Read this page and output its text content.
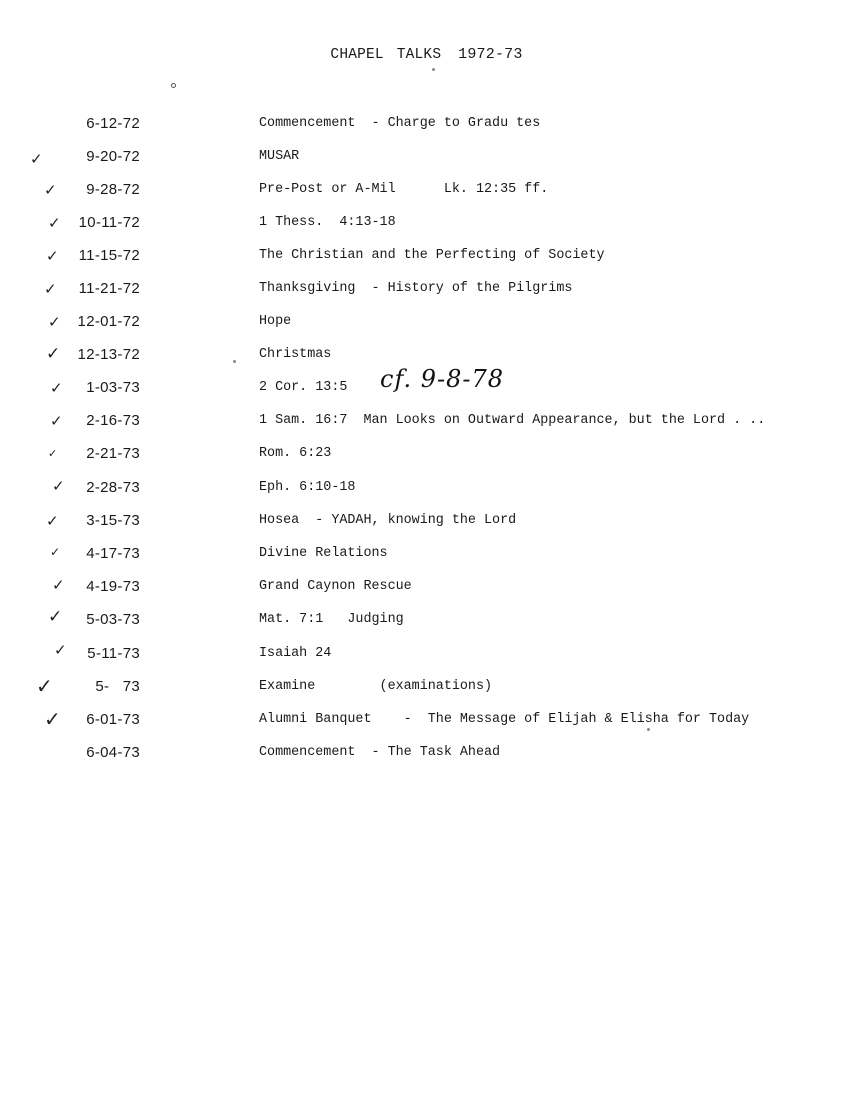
CHAPEL TALKS 1972-73
6-12-72	Commencement  - Charge to Gradu tes
✓	9-20-72	MUSAR
✓	9-28-72	Pre-Post or A-Mil      Lk. 12:35 ff.
✓	10-11-72	1 Thess.  4:13-18
✓	11-15-72	The Christian and the Perfecting of Society
✓	11-21-72	Thanksgiving  - History of the Pilgrims
✓	12-01-72	Hope
✓	12-13-72	Christmas
✓	1-03-73	2 Cor. 13:5 cf. 9-8-78
✓	2-16-73	1 Sam. 16:7  Man Looks on Outward Appearance, but the Lord . ..
✓	2-21-73	Rom. 6:23
✓	2-28-73	Eph. 6:10-18
✓	3-15-73	Hosea  - YADAH, knowing the Lord
✓	4-17-73	Divine Relations
✓	4-19-73	Grand Caynon Rescue
✓	5-03-73	Mat. 7:1   Judging
✓	5-11-73	Isaiah 24
✓	5-   73	Examine        (examinations)
✓	6-01-73	Alumni Banquet    -  The Message of Elijah & Elisha for Today
6-04-73	Commencement  - The Task Ahead
